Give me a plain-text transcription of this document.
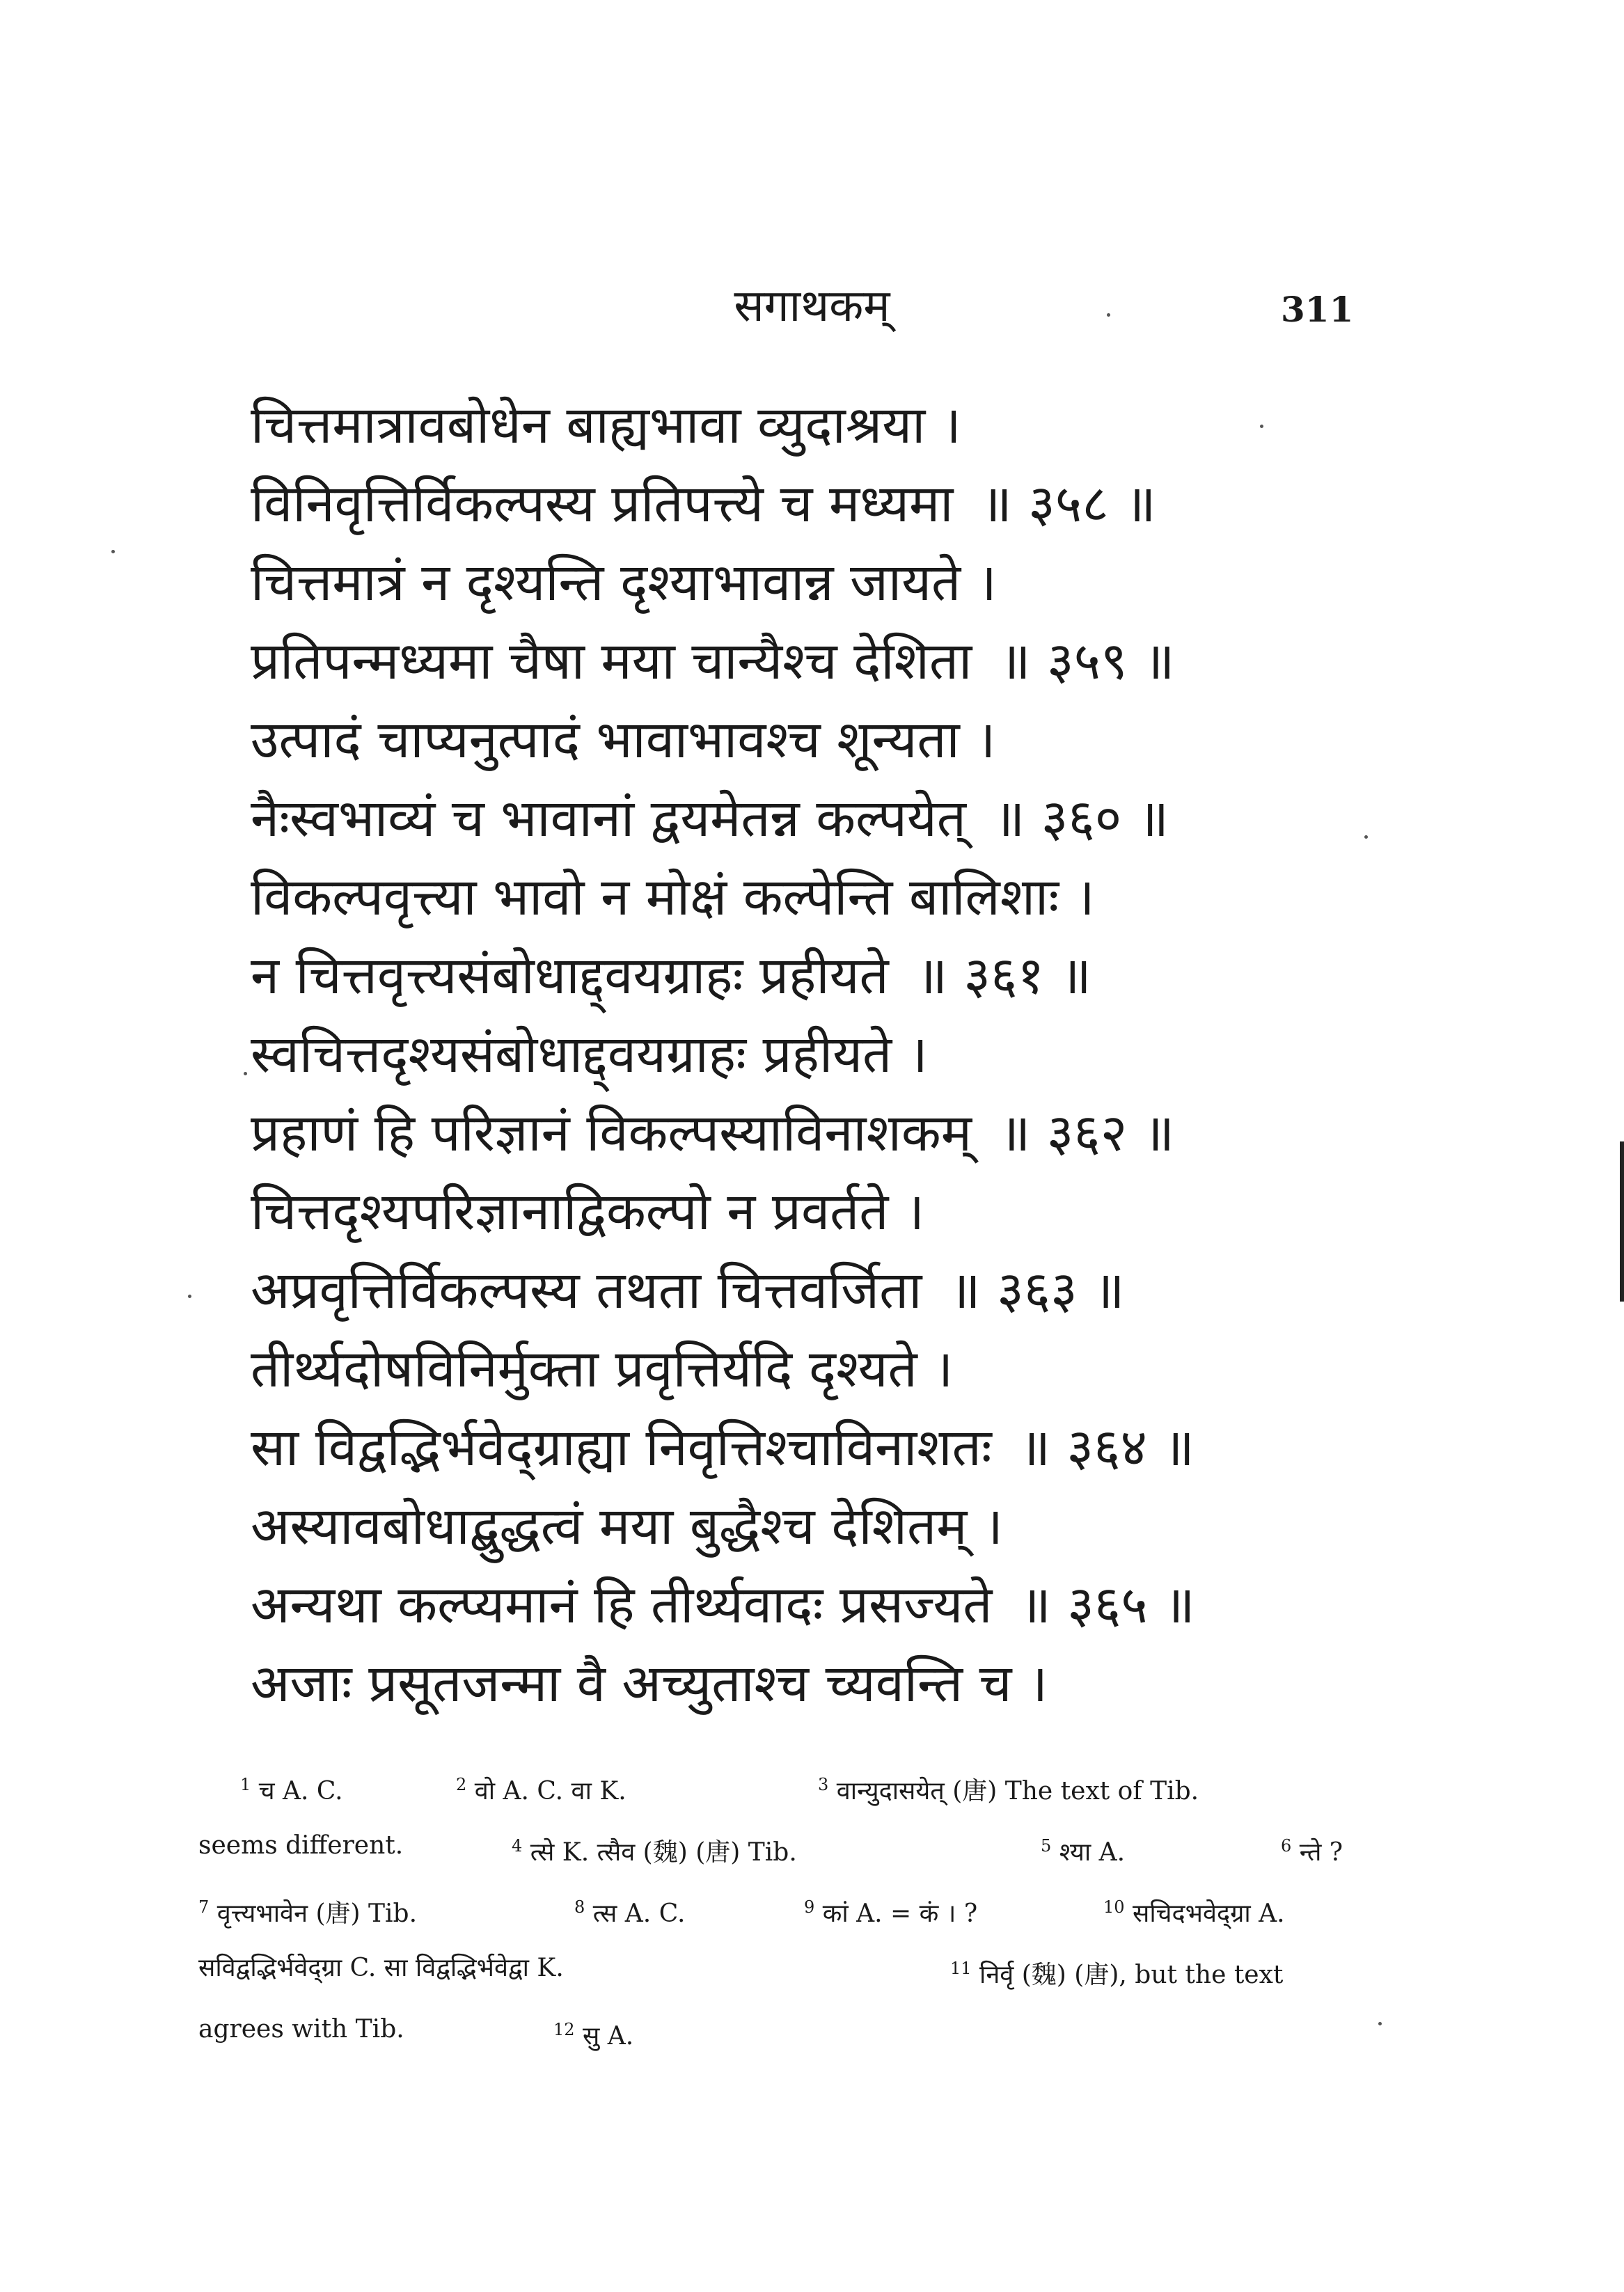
सगाथकम्	311
चित्तमात्रावबोधेन बाह्यभावा व्युदाश्रया ।
विनिवृत्तिर्विकल्पस्य प्रतिपत्त्ये च मध्यमा ॥ ३५८ ॥
चित्तमात्रं न दृश्यन्ति दृश्याभावान्न जायते ।
प्रतिपन्मध्यमा चैषा मया चान्यैश्च देशिता ॥ ३५९ ॥
उत्पादं चाप्यनुत्पादं भावाभावश्च शून्यता ।
नैःस्वभाव्यं च भावानां द्वयमेतन्न कल्पयेत् ॥ ३६० ॥
विकल्पवृत्त्या भावो न मोक्षं कल्पेन्ति बालिशाः ।
न चित्तवृत्त्यसंबोधाद्द्वयग्राहः प्रहीयते ॥ ३६१ ॥
स्वचित्तदृश्यसंबोधाद्द्वयग्राहः प्रहीयते ।
प्रहाणं हि परिज्ञानं विकल्पस्याविनाशकम् ॥ ३६२ ॥
चित्तदृश्यपरिज्ञानाद्विकल्पो न प्रवर्तते ।
अप्रवृत्तिर्विकल्पस्य तथता चित्तवर्जिता ॥ ३६३ ॥
तीर्थ्यदोषविनिर्मुक्ता प्रवृत्तिर्यदि दृश्यते ।
सा विद्वद्भिर्भवेद्ग्राह्या निवृत्तिश्चाविनाशतः ॥ ३६४ ॥
अस्यावबोधाद्बुद्धत्वं मया बुद्धैश्च देशितम् ।
अन्यथा कल्प्यमानं हि तीर्थ्यवादः प्रसज्यते ॥ ३६५ ॥
अजाः प्रसूतजन्मा वै अच्युताश्च च्यवन्ति च ।
$^1$ च A. C.	$^2$ वो A. C. वा K.	$^3$ वान्युदासयेत् (唐) The text of Tib.
seems different.	$^4$ त्से K. त्सैव (魏) (唐) Tib.	$^5$ श्या A.	$^6$ न्ते ?
$^7$ वृत्त्यभावेन (唐) Tib.	$^8$ त्स A. C.	$^9$ कां A. = कं । ?	$^{10}$ सचिदभवेद्ग्रा A.
सविद्वद्भिर्भवेद्ग्रा C. सा विद्वद्भिर्भवेद्वा K.	$^{11}$ निर्वृ (魏) (唐), but the text
agrees with Tib.	$^{12}$ सु A.
